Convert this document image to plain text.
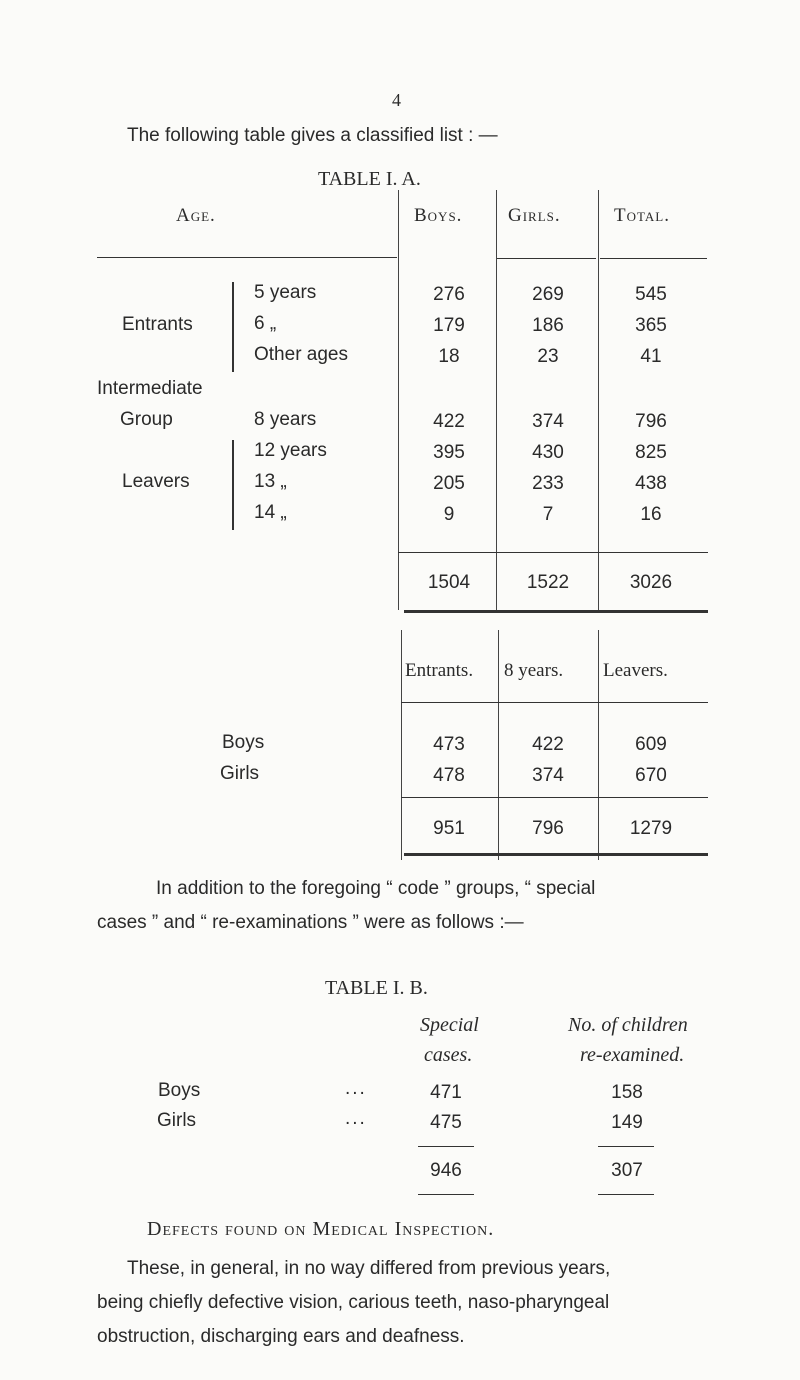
4
The following table gives a classified list : —
TABLE I. A.
Age.	Boys. Girls.	Total.
Entrants
5 years	276	269	545
6 „	179	186	365
Other ages	18	23	41
Intermediate
Group	8 years	422	374	796
Leavers
12 years	395	430	825
13 „	205	233	438
14 „	9	7	16
1504	1522	3026
Entrants. 8 years. Leavers.
Boys	473	422	609
Girls	478	374	670
951	796	1279
In addition to the foregoing “ code ” groups, “ special
cases ” and “ re-examinations ” were as follows :—
TABLE I. B.
Special
cases.
No. of children
re-examined.
Boys	...	471	158
Girls	...	475	149
946	307
Defects found on Medical Inspection.
These, in general, in no way differed from previous years,
being chiefly defective vision, carious teeth, naso-pharyngeal
obstruction, discharging ears and deafness.
